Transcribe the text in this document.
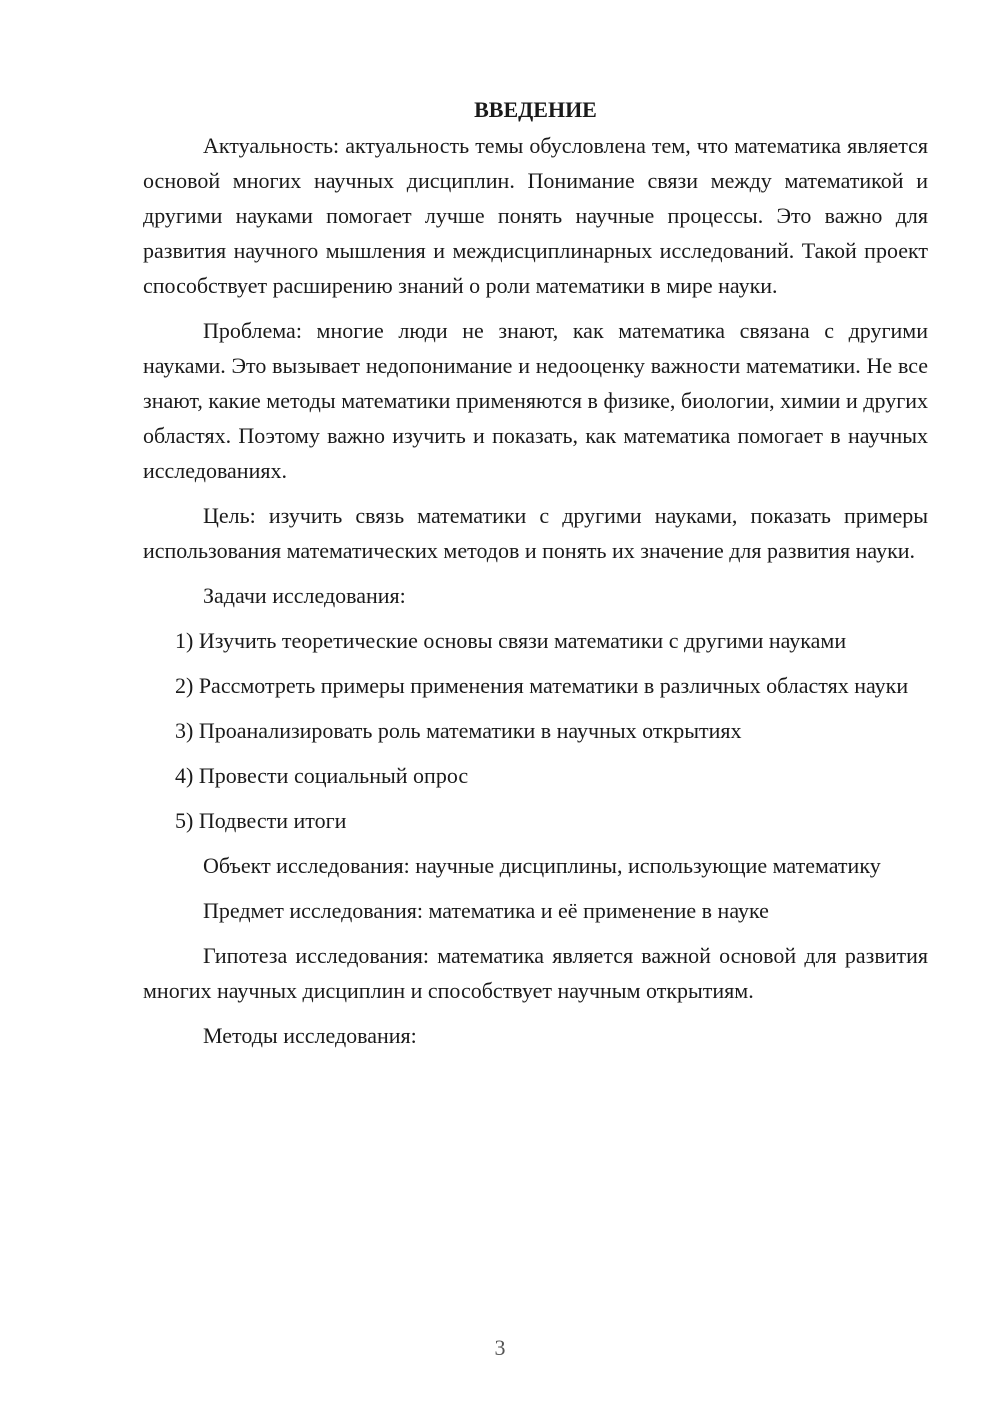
ВВЕДЕНИЕ

Актуальность: актуальность темы обусловлена тем, что математика является основой многих научных дисциплин. Понимание связи между математикой и другими науками помогает лучше понять научные процессы. Это важно для развития научного мышления и междисциплинарных исследований. Такой проект способствует расширению знаний о роли математики в мире науки.

Проблема: многие люди не знают, как математика связана с другими науками. Это вызывает недопонимание и недооценку важности математики. Не все знают, какие методы математики применяются в физике, биологии, химии и других областях. Поэтому важно изучить и показать, как математика помогает в научных исследованиях.

Цель: изучить связь математики с другими науками, показать примеры использования математических методов и понять их значение для развития науки.

Задачи исследования:

1) Изучить теоретические основы связи математики с другими науками

2) Рассмотреть примеры применения математики в различных областях науки

3) Проанализировать роль математики в научных открытиях

4) Провести социальный опрос

5) Подвести итоги

Объект исследования: научные дисциплины, использующие математику

Предмет исследования: математика и её применение в науке

Гипотеза исследования: математика является важной основой для развития многих научных дисциплин и способствует научным открытиям.

Методы исследования:

3
